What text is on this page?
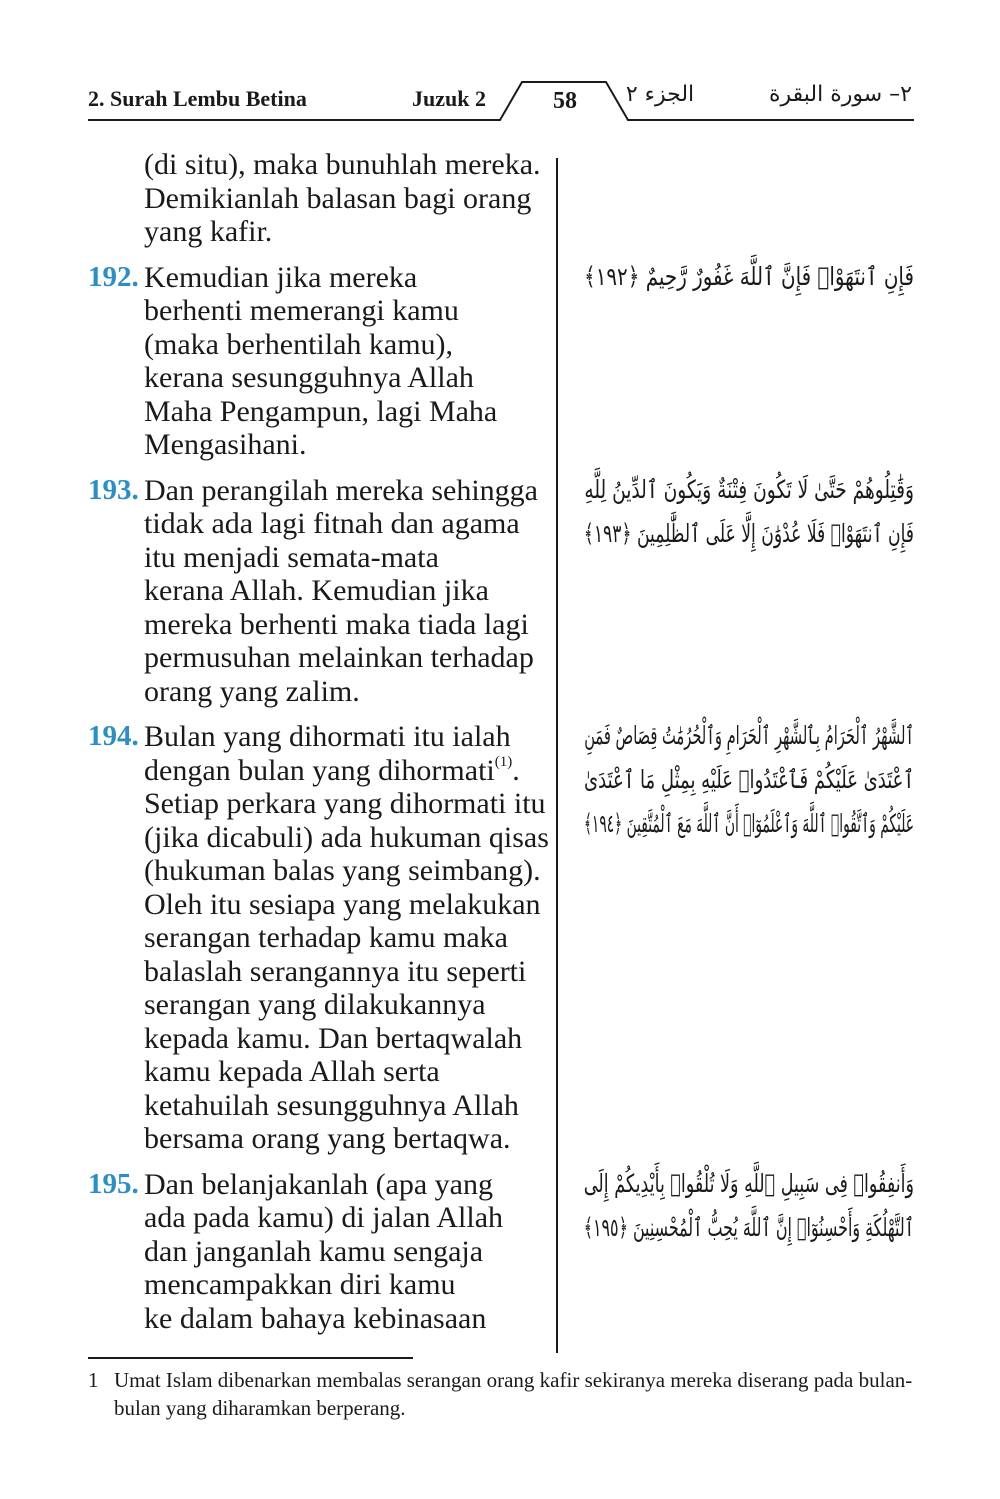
2. Surah Lembu Betina	Juzuk 2	58	الجزء ٢	٢– سورة البقرة
(di situ), maka bunuhlah mereka.
Demikianlah balasan bagi orang
yang kafir.
192. Kemudian jika mereka
berhenti memerangi kamu
(maka berhentilah kamu),
kerana sesungguhnya Allah
Maha Pengampun, lagi Maha
Mengasihani.
193. Dan perangilah mereka sehingga
tidak ada lagi fitnah dan agama
itu menjadi semata-mata
kerana Allah. Kemudian jika
mereka berhenti maka tiada lagi
permusuhan melainkan terhadap
orang yang zalim.
194. Bulan yang dihormati itu ialah
dengan bulan yang dihormati$^{(1)}$.
Setiap perkara yang dihormati itu
(jika dicabuli) ada hukuman qisas
(hukuman balas yang seimbang).
Oleh itu sesiapa yang melakukan
serangan terhadap kamu maka
balaslah serangannya itu seperti
serangan yang dilakukannya
kepada kamu. Dan bertaqwalah
kamu kepada Allah serta
ketahuilah sesungguhnya Allah
bersama orang yang bertaqwa.
195. Dan belanjakanlah (apa yang
ada pada kamu) di jalan Allah
dan janganlah kamu sengaja
mencampakkan diri kamu
ke dalam bahaya kebinasaan
فَإِنِ ٱنتَهَوْا۟ فَإِنَّ ٱللَّهَ غَفُورٌ رَّحِيمٌ ﴿١٩٢﴾
وَقَٰتِلُوهُمْ حَتَّىٰ لَا تَكُونَ فِتْنَةٌ وَيَكُونَ ٱلدِّينُ لِلَّهِ
فَإِنِ ٱنتَهَوْا۟ فَلَا عُدْوَٰنَ إِلَّا عَلَى ٱلظَّٰلِمِينَ ﴿١٩٣﴾
ٱلشَّهْرُ ٱلْحَرَامُ بِٱلشَّهْرِ ٱلْحَرَامِ وَٱلْحُرُمَٰتُ قِصَاصٌ فَمَنِ
ٱعْتَدَىٰ عَلَيْكُمْ فَٱعْتَدُوا۟ عَلَيْهِ بِمِثْلِ مَا ٱعْتَدَىٰ
عَلَيْكُمْ وَٱتَّقُوا۟ ٱللَّهَ وَٱعْلَمُوٓا۟ أَنَّ ٱللَّهَ مَعَ ٱلْمُتَّقِينَ ﴿١٩٤﴾
وَأَنفِقُوا۟ فِى سَبِيلِ ٱللَّهِ وَلَا تُلْقُوا۟ بِأَيْدِيكُمْ إِلَى
ٱلتَّهْلُكَةِ وَأَحْسِنُوٓا۟ إِنَّ ٱللَّهَ يُحِبُّ ٱلْمُحْسِنِينَ ﴿١٩٥﴾
1 Umat Islam dibenarkan membalas serangan orang kafir sekiranya mereka diserang pada bulan-bulan yang diharamkan berperang.
